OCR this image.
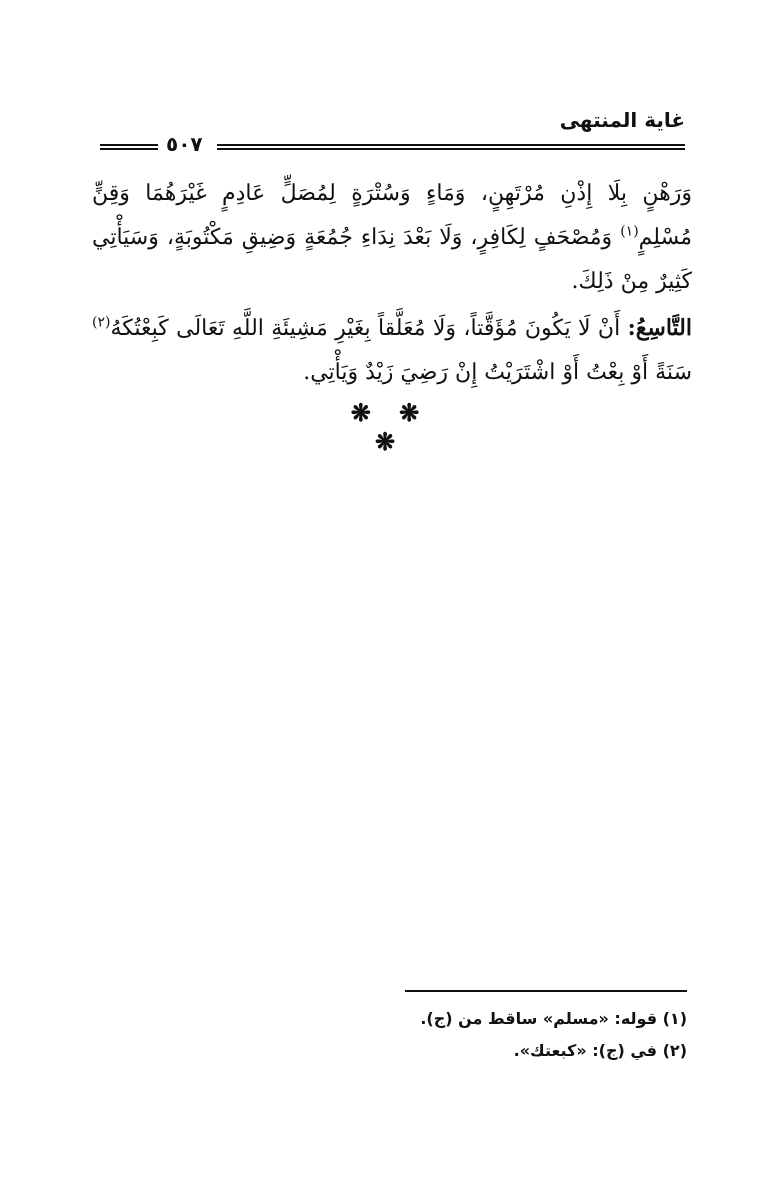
غاية المنتهى
٥٠٧
وَرَهْنٍ بِلَا إِذْنِ مُرْتَهِنٍ، وَمَاءٍ وَسُتْرَةٍ لِمُصَلٍّ عَادِمٍ غَيْرَهُمَا وَقِنٍّ مُسْلِمٍ$^{(١)}$ وَمُصْحَفٍ لِكَافِرٍ، وَلَا بَعْدَ نِدَاءِ جُمُعَةٍ وَضِيقِ مَكْتُوبَةٍ، وَسَيَأْتِي كَثِيرٌ مِنْ ذَلِكَ.
التَّاسِعُ: أَنْ لَا يَكُونَ مُؤَقَّتاً، وَلَا مُعَلَّقاً بِغَيْرِ مَشِيئَةِ اللَّهِ تَعَالَى كَبِعْتُكَهُ$^{(٢)}$ سَنَةً أَوْ بِعْتُ أَوْ اشْتَرَيْتُ إِنْ رَضِيَ زَيْدٌ وَيَأْتِي.
❋ ❋ ❋
(١) قوله: «مسلم» ساقط من (ج).
(٢) في (ج): «كبعتك».
